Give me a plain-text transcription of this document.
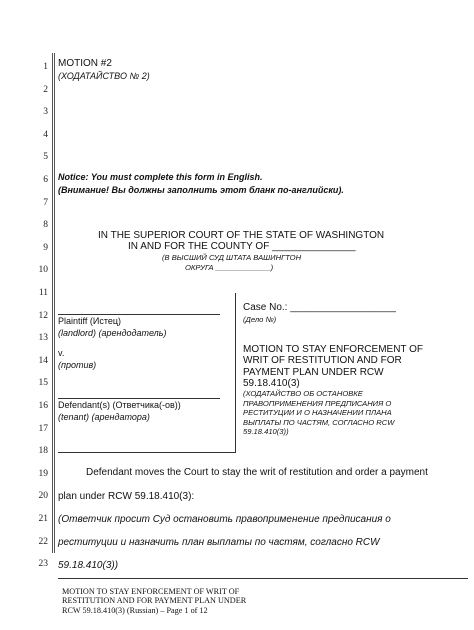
1
2
3
4
5
6
7
8
9
10
11
12
13
14
15
16
17
18
19
20
21
22
23
MOTION #2
(ХОДАТАЙСТВО № 2)
Notice: You must complete this form in English.
(Внимание! Вы должны заполнить этот бланк по-английски).
IN THE SUPERIOR COURT OF THE STATE OF WASHINGTON
IN AND FOR THE COUNTY OF _______________
(В ВЫСШИЙ СУД ШТАТА ВАШИНГТОН
ОКРУГА _____________)
Plaintiff (Истец)
(landlord) (арендодатель)
v.
(против)
Defendant(s) (Ответчика(-ов))
(tenant) (арендатора)
Case No.: ___________________
(Дело №)
MOTION TO STAY ENFORCEMENT OF
WRIT OF RESTITUTION AND FOR
PAYMENT PLAN UNDER RCW
59.18.410(3)
(ХОДАТАЙСТВО ОБ ОСТАНОВКЕ
ПРАВОПРИМЕНЕНИЯ ПРЕДПИСАНИЯ О
РЕСТИТУЦИИ И О НАЗНАЧЕНИИ ПЛАНА
ВЫПЛАТЫ ПО ЧАСТЯМ, СОГЛАСНО RCW
59.18.410(3))
Defendant moves the Court to stay the writ of restitution and order a payment
plan under RCW 59.18.410(3):
(Ответчик просит Суд остановить правоприменение предписания о
реституции и назначить план выплаты по частям, согласно RCW
59.18.410(3))
MOTION TO STAY ENFORCEMENT OF WRIT OF
RESTITUTION AND FOR PAYMENT PLAN UNDER
RCW 59.18.410(3) (Russian) – Page 1 of 12
